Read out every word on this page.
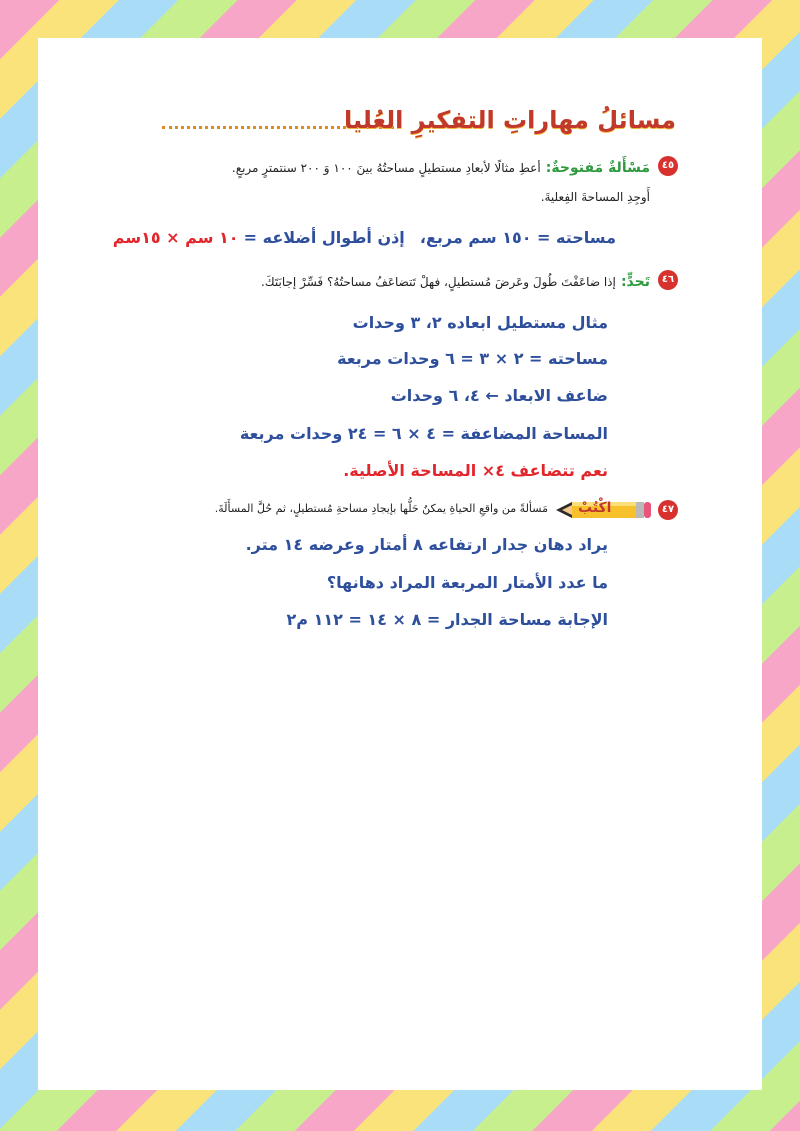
مسائلُ مهاراتِ التفكيرِ العُليا
٤٥
مَسْأَلةٌ مَفتوحةٌ: أعطِ مثالًا لأبعادِ مستطيلٍ مساحتُهُ بينَ ١٠٠ وَ ٢٠٠ سنتمترٍ مربعٍ.
أَوجِدِ المساحةَ الفِعليةَ.
مساحته = ١٥٠ سم مربع، إذن أطوال أضلاعه = ١٠ سم × ١٥سم
٤٦
تَحدٍّ: إذا ضاعَفْتَ طُولَ وعَرضَ مُستطيلٍ، فهلْ تَتضاعَفُ مساحتُهُ؟ فَسِّرْ إجابَتَكَ.
مثال مستطيل ابعاده ٢، ٣ وحدات
مساحته = ٢ × ٣ = ٦ وحدات مربعة
ضاعف الابعاد ← ٤، ٦ وحدات
المساحة المضاعفة = ٤ × ٦ = ٢٤ وحدات مربعة
نعم تتضاعف ٤× المساحة الأصلية.
٤٧
اكْتُبْ
مَسألةً من واقعِ الحياةِ يمكنُ حَلُّها بإيجادِ مساحةِ مُستطيلٍ، ثم حُلَّ المسأَلَةَ.
يراد دهان جدار ارتفاعه ٨ أمتار وعرضه ١٤ متر.
ما عدد الأمتار المربعة المراد دهانها؟
الإجابة مساحة الجدار = ٨ × ١٤ = ١١٢ م٢
